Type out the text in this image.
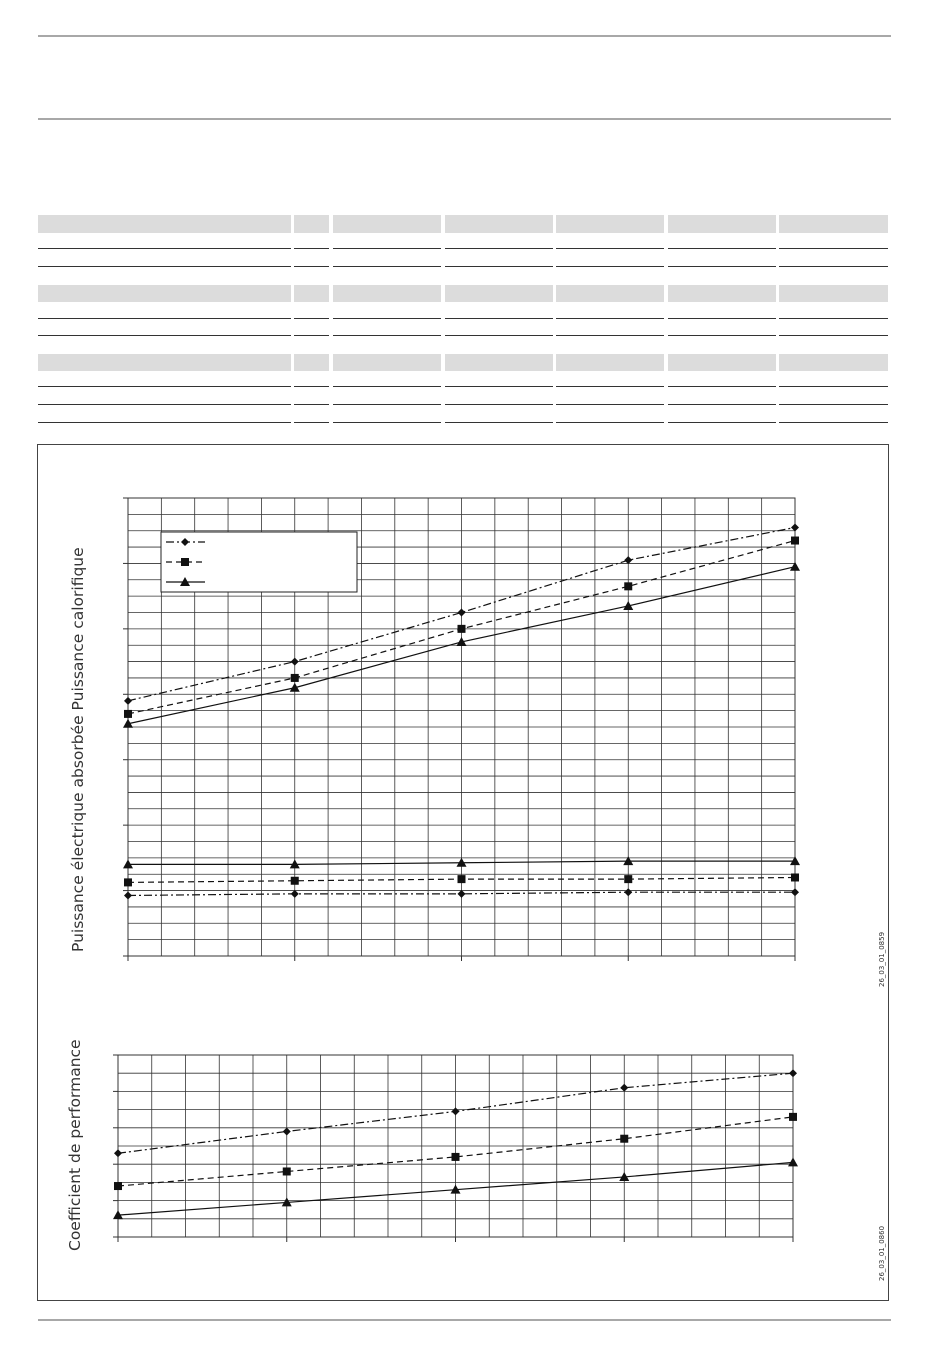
Puissance électrique absorbée Puissance calorifique
Coefficient de performance
26_03_01_0859
26_03_01_0860
